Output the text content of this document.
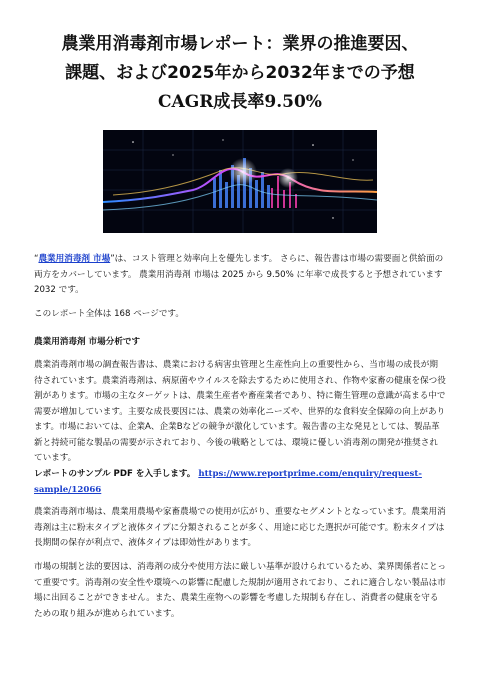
農業用消毒剤市場レポート：業界の推進要因、
課題、および2025年から2032年までの予想
CAGR成長率9.50%

“農業用消毒剤 市場”は、コスト管理と効率向上を優先します。 さらに、報告書は市場の需要面と供給面の両方をカバーしています。 農業用消毒剤 市場は 2025 から 9.50% に年率で成長すると予想されています2032 です。

このレポート全体は 168 ページです。

農業用消毒剤 市場分析です

農業消毒剤市場の調査報告書は、農業における病害虫管理と生産性向上の重要性から、当市場の成長が期待されています。農業消毒剤は、病原菌やウイルスを除去するために使用され、作物や家畜の健康を保つ役割があります。市場の主なターゲットは、農業生産者や畜産業者であり、特に衛生管理の意識が高まる中で需要が増加しています。主要な成長要因には、農業の効率化ニーズや、世界的な食料安全保障の向上があります。市場においては、企業A、企業Bなどの競争が激化しています。報告書の主な発見としては、製品革新と持続可能な製品の需要が示されており、今後の戦略としては、環境に優しい消毒剤の開発が推奨されています。

レポートのサンプル PDF を入手します。 https://www.reportprime.com/enquiry/request-sample/12066

農業消毒剤市場は、農業用農場や家畜農場での使用が広がり、重要なセグメントとなっています。農業用消毒剤は主に粉末タイプと液体タイプに分類されることが多く、用途に応じた選択が可能です。粉末タイプは長期間の保存が利点で、液体タイプは即効性があります。

市場の規制と法的要因は、消毒剤の成分や使用方法に厳しい基準が設けられているため、業界関係者にとって重要です。消毒剤の安全性や環境への影響に配慮した規制が適用されており、これに適合しない製品は市場に出回ることができません。また、農業生産物への影響を考慮した規制も存在し、消費者の健康を守るための取り組みが進められています。
